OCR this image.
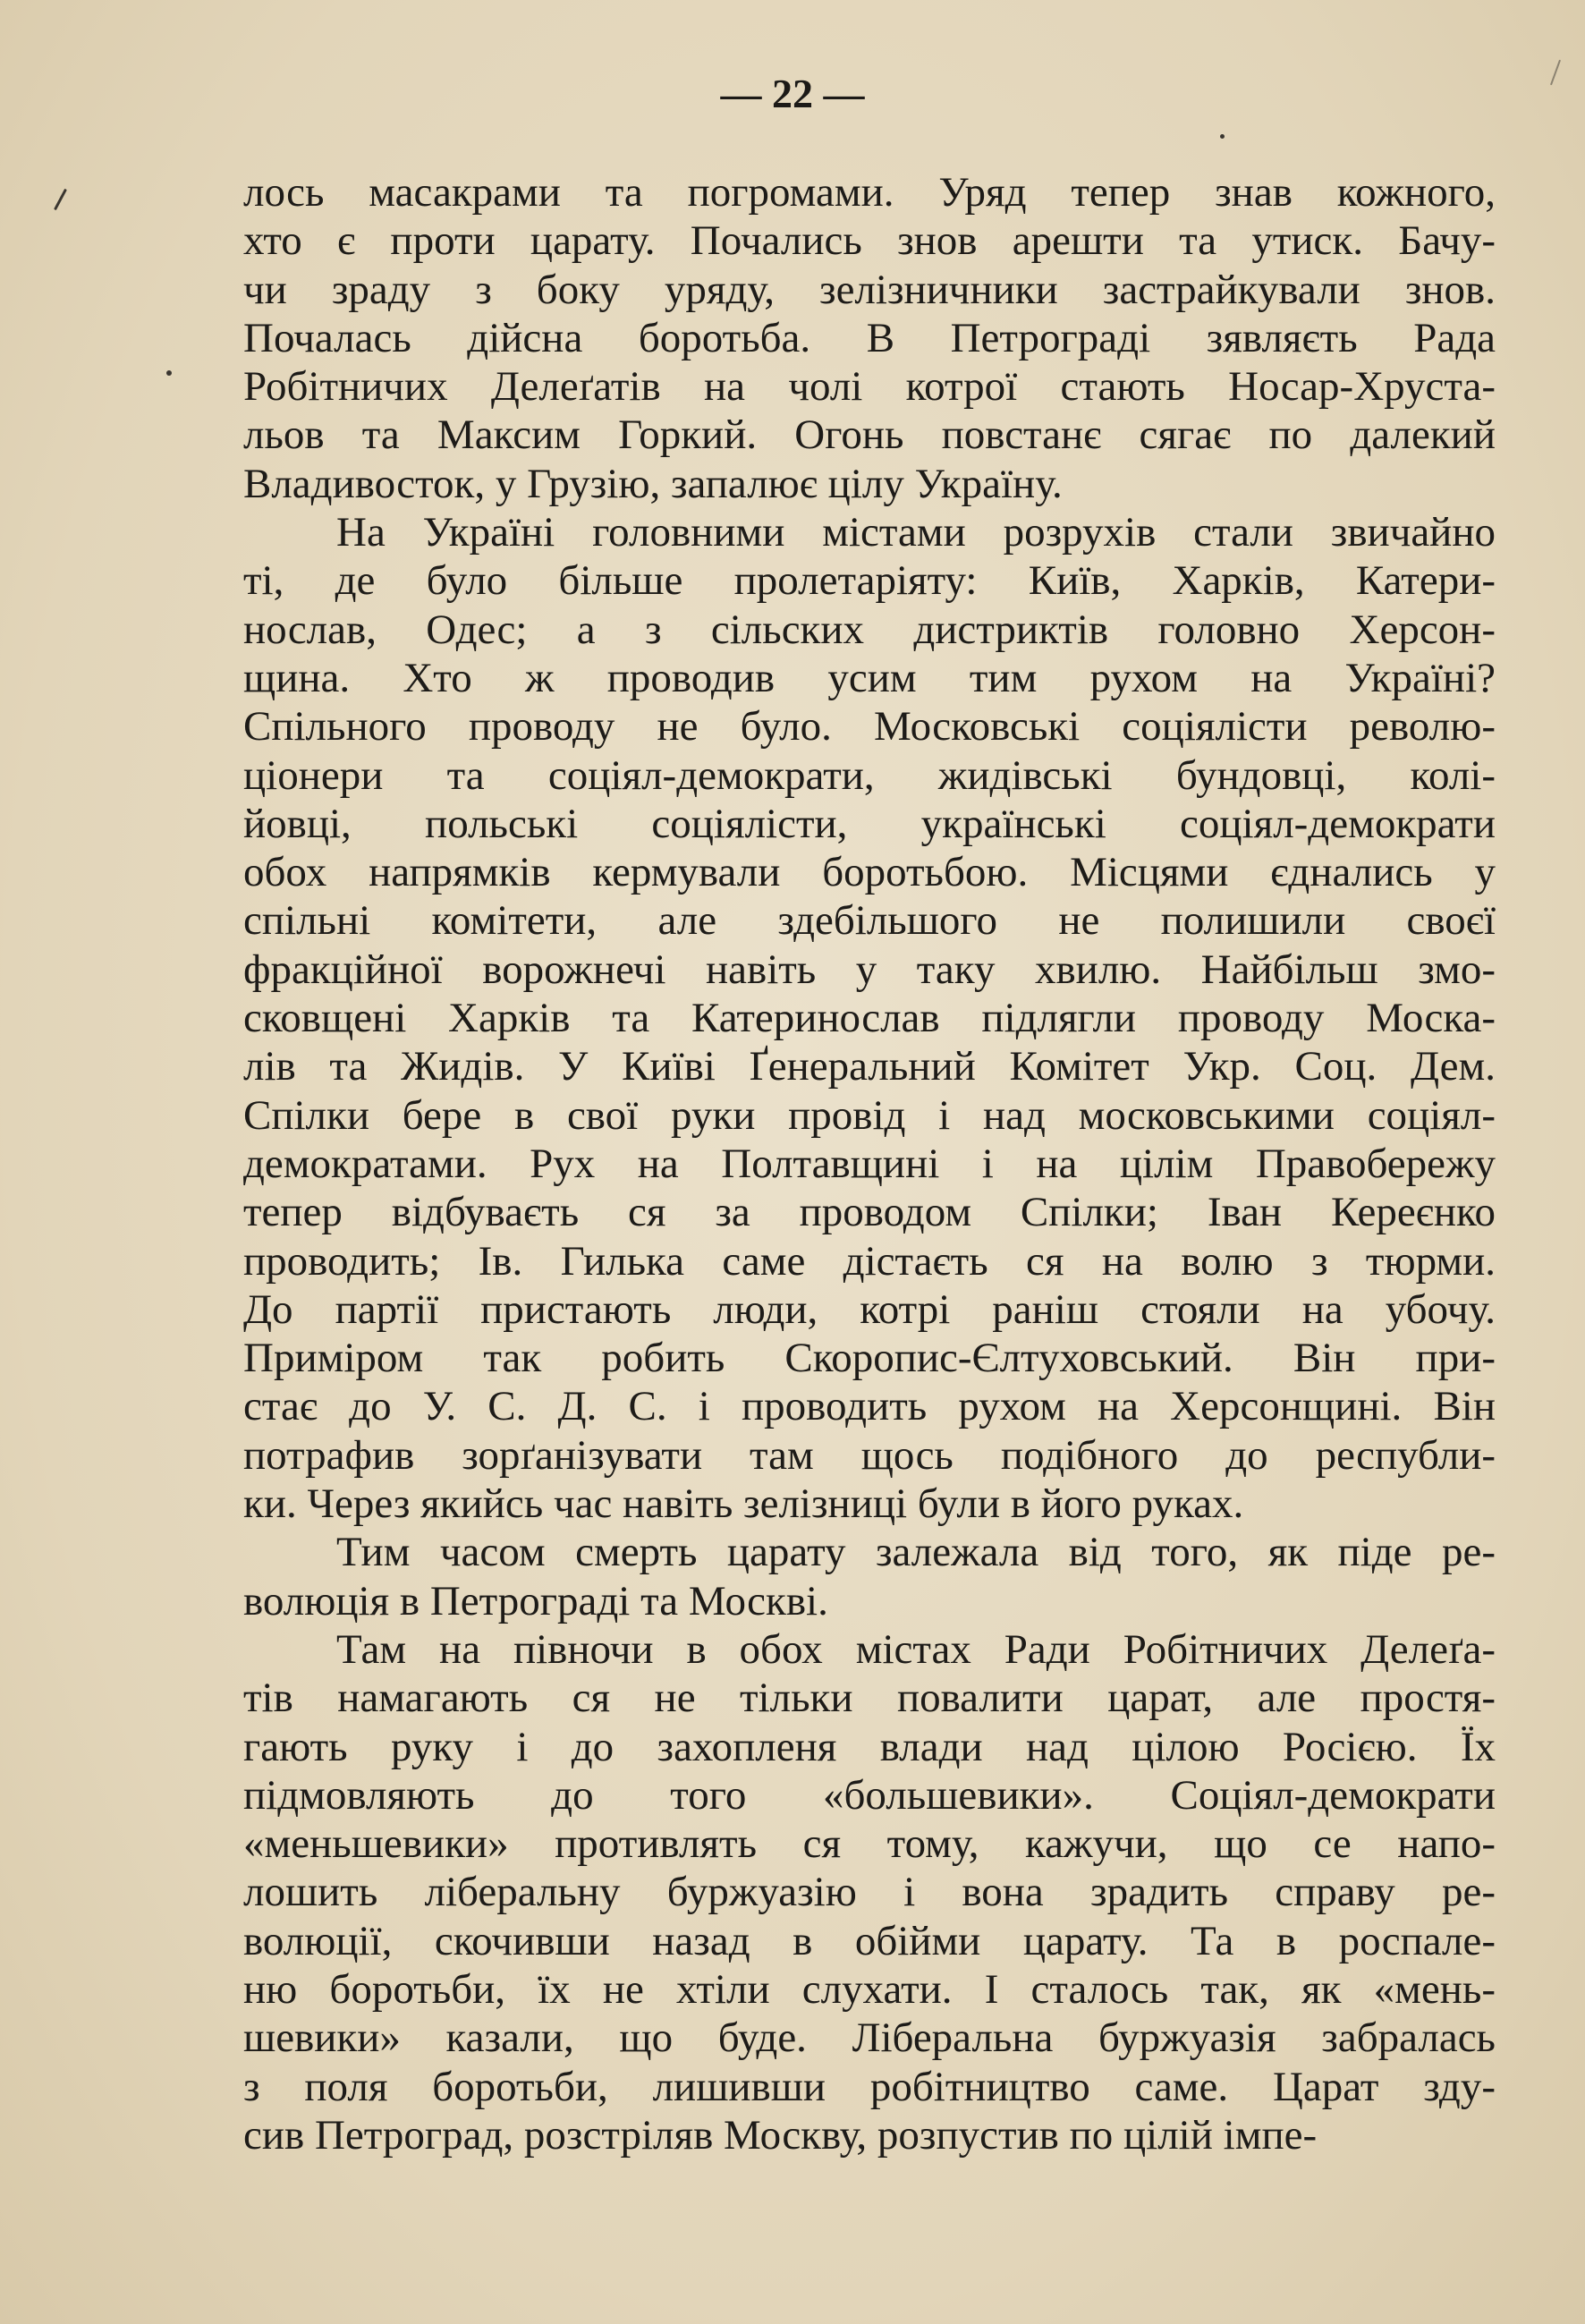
— 22 —
лось масакрами та погромами. Уряд тепер знав кожного,
хто є проти царату. Почались знов арешти та утиск. Бачу-
чи зраду з боку уряду, зелізничники застрайкували знов.
Почалась дійсна боротьба. В Петрограді зявляєть Рада
Робітничих Делеґатів на чолі котрої стають Носар-Хруста-
льов та Максим Горкий. Огонь повстанє сягає по далекий
Владивосток, у Грузію, запалює цілу Україну.
На Україні головними містами розрухів стали звичайно
ті, де було більше пролетаріяту: Київ, Харків, Катери-
нослав, Одес; а з сільских дистриктів головно Херсон-
щина. Хто ж проводив усим тим рухом на Україні?
Спільного проводу не було. Московські соціялісти револю-
ціонери та соціял-демократи, жидівські бундовці, колі-
йовці, польські соціялісти, українські соціял-демократи
обох напрямків кермували боротьбою. Місцями єднались у
спільні комітети, але здебільшого не полишили своєї
фракційної ворожнечі навіть у таку хвилю. Найбільш змо-
сковщені Харків та Катеринослав підлягли проводу Моска-
лів та Жидів. У Київі Ґенеральний Комітет Укр. Соц. Дем.
Спілки бере в свої руки провід і над московськими соціял-
демократами. Рух на Полтавщині і на цілім Правобережу
тепер відбуваєть ся за проводом Спілки; Іван Кереєнко
проводить; Ів. Гилька саме дістаєть ся на волю з тюрми.
До партії пристають люди, котрі раніш стояли на убочу.
Приміром так робить Скоропис-Єлтуховський. Він при-
стає до У. С. Д. С. і проводить рухом на Херсонщині. Він
потрафив зорґанізувати там щось подібного до республи-
ки. Через якийсь час навіть зелізниці були в його руках.
Тим часом смерть царату залежала від того, як піде ре-
волюція в Петрограді та Москві.
Там на півночи в обох містах Ради Робітничих Делеґа-
тів намагають ся не тільки повалити царат, але простя-
гають руку і до захопленя влади над цілою Росією. Їх
підмовляють до того «большевики». Соціял-демократи
«меньшевики» противлять ся тому, кажучи, що се напо-
лошить ліберальну буржуазію і вона зрадить справу ре-
волюції, скочивши назад в обійми царату. Та в роспале-
ню боротьби, їх не хтіли слухати. І сталось так, як «мень-
шевики» казали, що буде. Ліберальна буржуазія забралась
з поля боротьби, лишивши робітництво саме. Царат зду-
сив Петроград, розстріляв Москву, розпустив по цілій імпе-
